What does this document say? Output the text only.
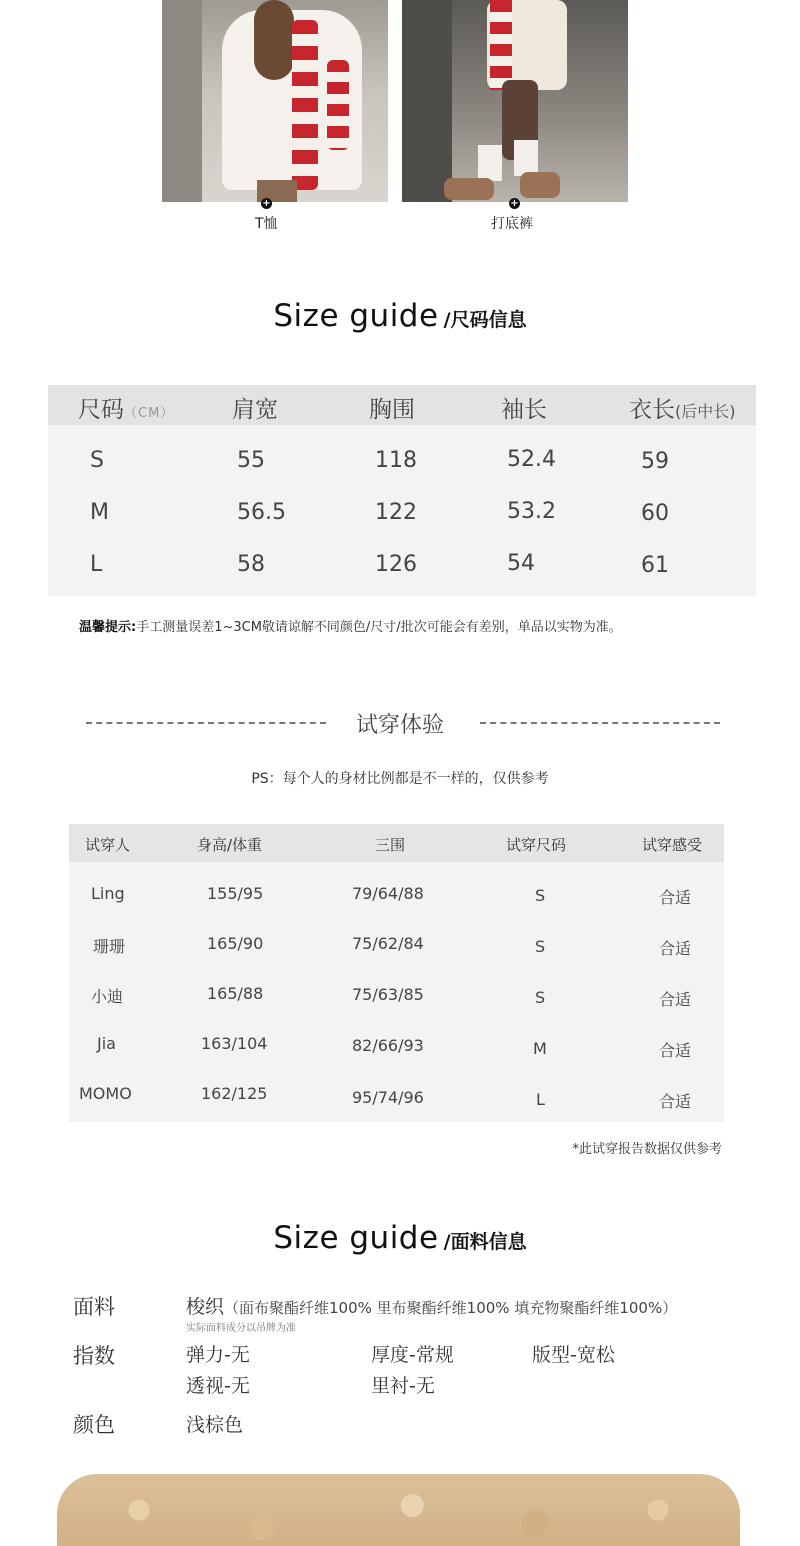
+
T恤
+
打底裤
Size guide /尺码信息
尺码（CM）	肩宽	胸围	袖长	衣长(后中长)
S	55	118	52.4	59
M	56.5	122	53.2	60
L	58	126	54	61
温馨提示:手工测量误差1~3CM敬请谅解不同颜色/尺寸/批次可能会有差别，单品以实物为准。
试穿体验
PS：每个人的身材比例都是不一样的，仅供参考
试穿人	身高/体重	三围	试穿尺码	试穿感受
Ling	155/95	79/64/88	S	合适
珊珊	165/90	75/62/84	S	合适
小迪	165/88	75/63/85	S	合适
Jia	163/104	82/66/93	M	合适
MOMO	162/125	95/74/96	L	合适
*此试穿报告数据仅供参考
Size guide /面料信息
面料	梭织（面布聚酯纤维100% 里布聚酯纤维100% 填充物聚酯纤维100%）
实际面料成分以吊牌为准
指数	弹力-无	厚度-常规	版型-宽松
透视-无	里衬-无
颜色	浅棕色
